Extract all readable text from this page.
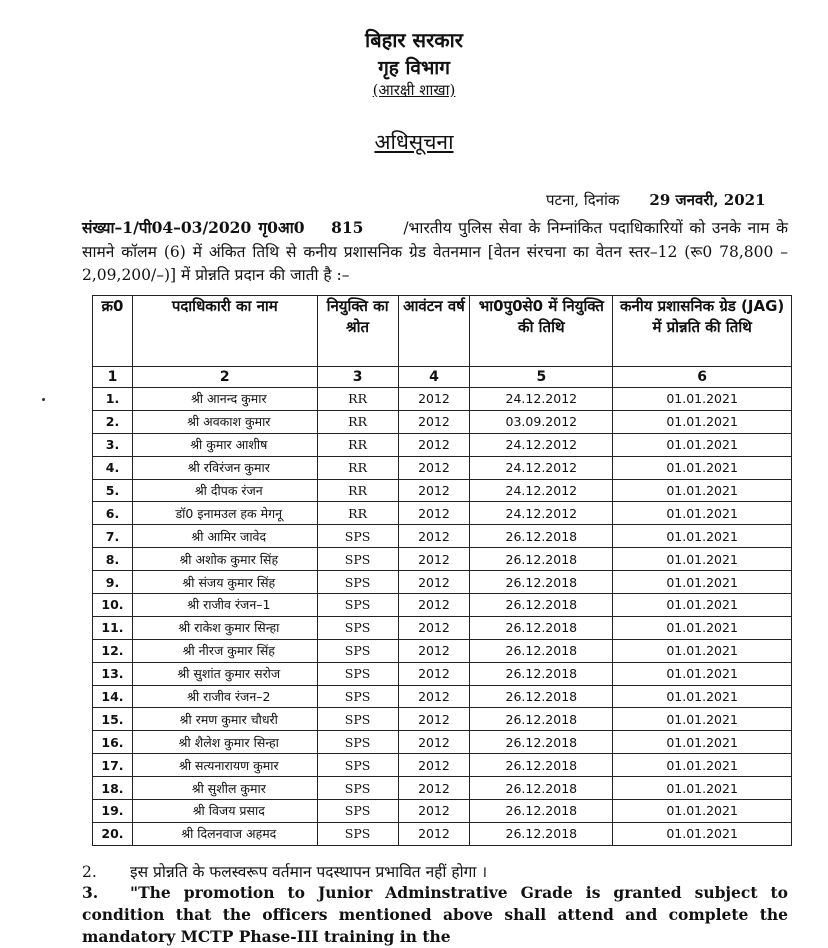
बिहार सरकार
गृह विभाग
(आरक्षी शाखा)
अधिसूचना
पटना, दिनांक 29 जनवरी, 2021
संख्या–1/पी04–03/2020 गृ0आ0 815	/भारतीय पुलिस सेवा के निम्नांकित पदाधिकारियों को उनके नाम के सामने कॉलम (6) में अंकित तिथि से कनीय प्रशासनिक ग्रेड वेतनमान [वेतन संरचना का वेतन स्तर–12 (रू0 78,800 – 2,09,200/–)] में प्रोन्नति प्रदान की जाती है :–
क्र0	पदाधिकारी का नाम	नियुक्ति का श्रोत	आवंटन वर्ष	भा0पु0से0 में नियुक्ति की तिथि	कनीय प्रशासनिक ग्रेड (JAG) में प्रोन्नति की तिथि
1	2	3	4	5	6
1.	श्री आनन्द कुमार	RR	2012	24.12.2012	01.01.2021
2.	श्री अवकाश कुमार	RR	2012	03.09.2012	01.01.2021
3.	श्री कुमार आशीष	RR	2012	24.12.2012	01.01.2021
4.	श्री रविरंजन कुमार	RR	2012	24.12.2012	01.01.2021
5.	श्री दीपक रंजन	RR	2012	24.12.2012	01.01.2021
6.	डॉ0 इनामउल हक मेगनू	RR	2012	24.12.2012	01.01.2021
7.	श्री आमिर जावेद	SPS	2012	26.12.2018	01.01.2021
8.	श्री अशोक कुमार सिंह	SPS	2012	26.12.2018	01.01.2021
9.	श्री संजय कुमार सिंह	SPS	2012	26.12.2018	01.01.2021
10.	श्री राजीव रंजन–1	SPS	2012	26.12.2018	01.01.2021
11.	श्री राकेश कुमार सिन्हा	SPS	2012	26.12.2018	01.01.2021
12.	श्री नीरज कुमार सिंह	SPS	2012	26.12.2018	01.01.2021
13.	श्री सुशांत कुमार सरोज	SPS	2012	26.12.2018	01.01.2021
14.	श्री राजीव रंजन–2	SPS	2012	26.12.2018	01.01.2021
15.	श्री रमण कुमार चौधरी	SPS	2012	26.12.2018	01.01.2021
16.	श्री शैलेश कुमार सिन्हा	SPS	2012	26.12.2018	01.01.2021
17.	श्री सत्यनारायण कुमार	SPS	2012	26.12.2018	01.01.2021
18.	श्री सुशील कुमार	SPS	2012	26.12.2018	01.01.2021
19.	श्री विजय प्रसाद	SPS	2012	26.12.2018	01.01.2021
20.	श्री दिलनवाज अहमद	SPS	2012	26.12.2018	01.01.2021
2. इस प्रोन्नति के फलस्वरूप वर्तमान पदस्थापन प्रभावित नहीं होगा ।
3. "The promotion to Junior Adminstrative Grade is granted subject to condition that the officers mentioned above shall attend and complete the mandatory MCTP Phase-III training in the
